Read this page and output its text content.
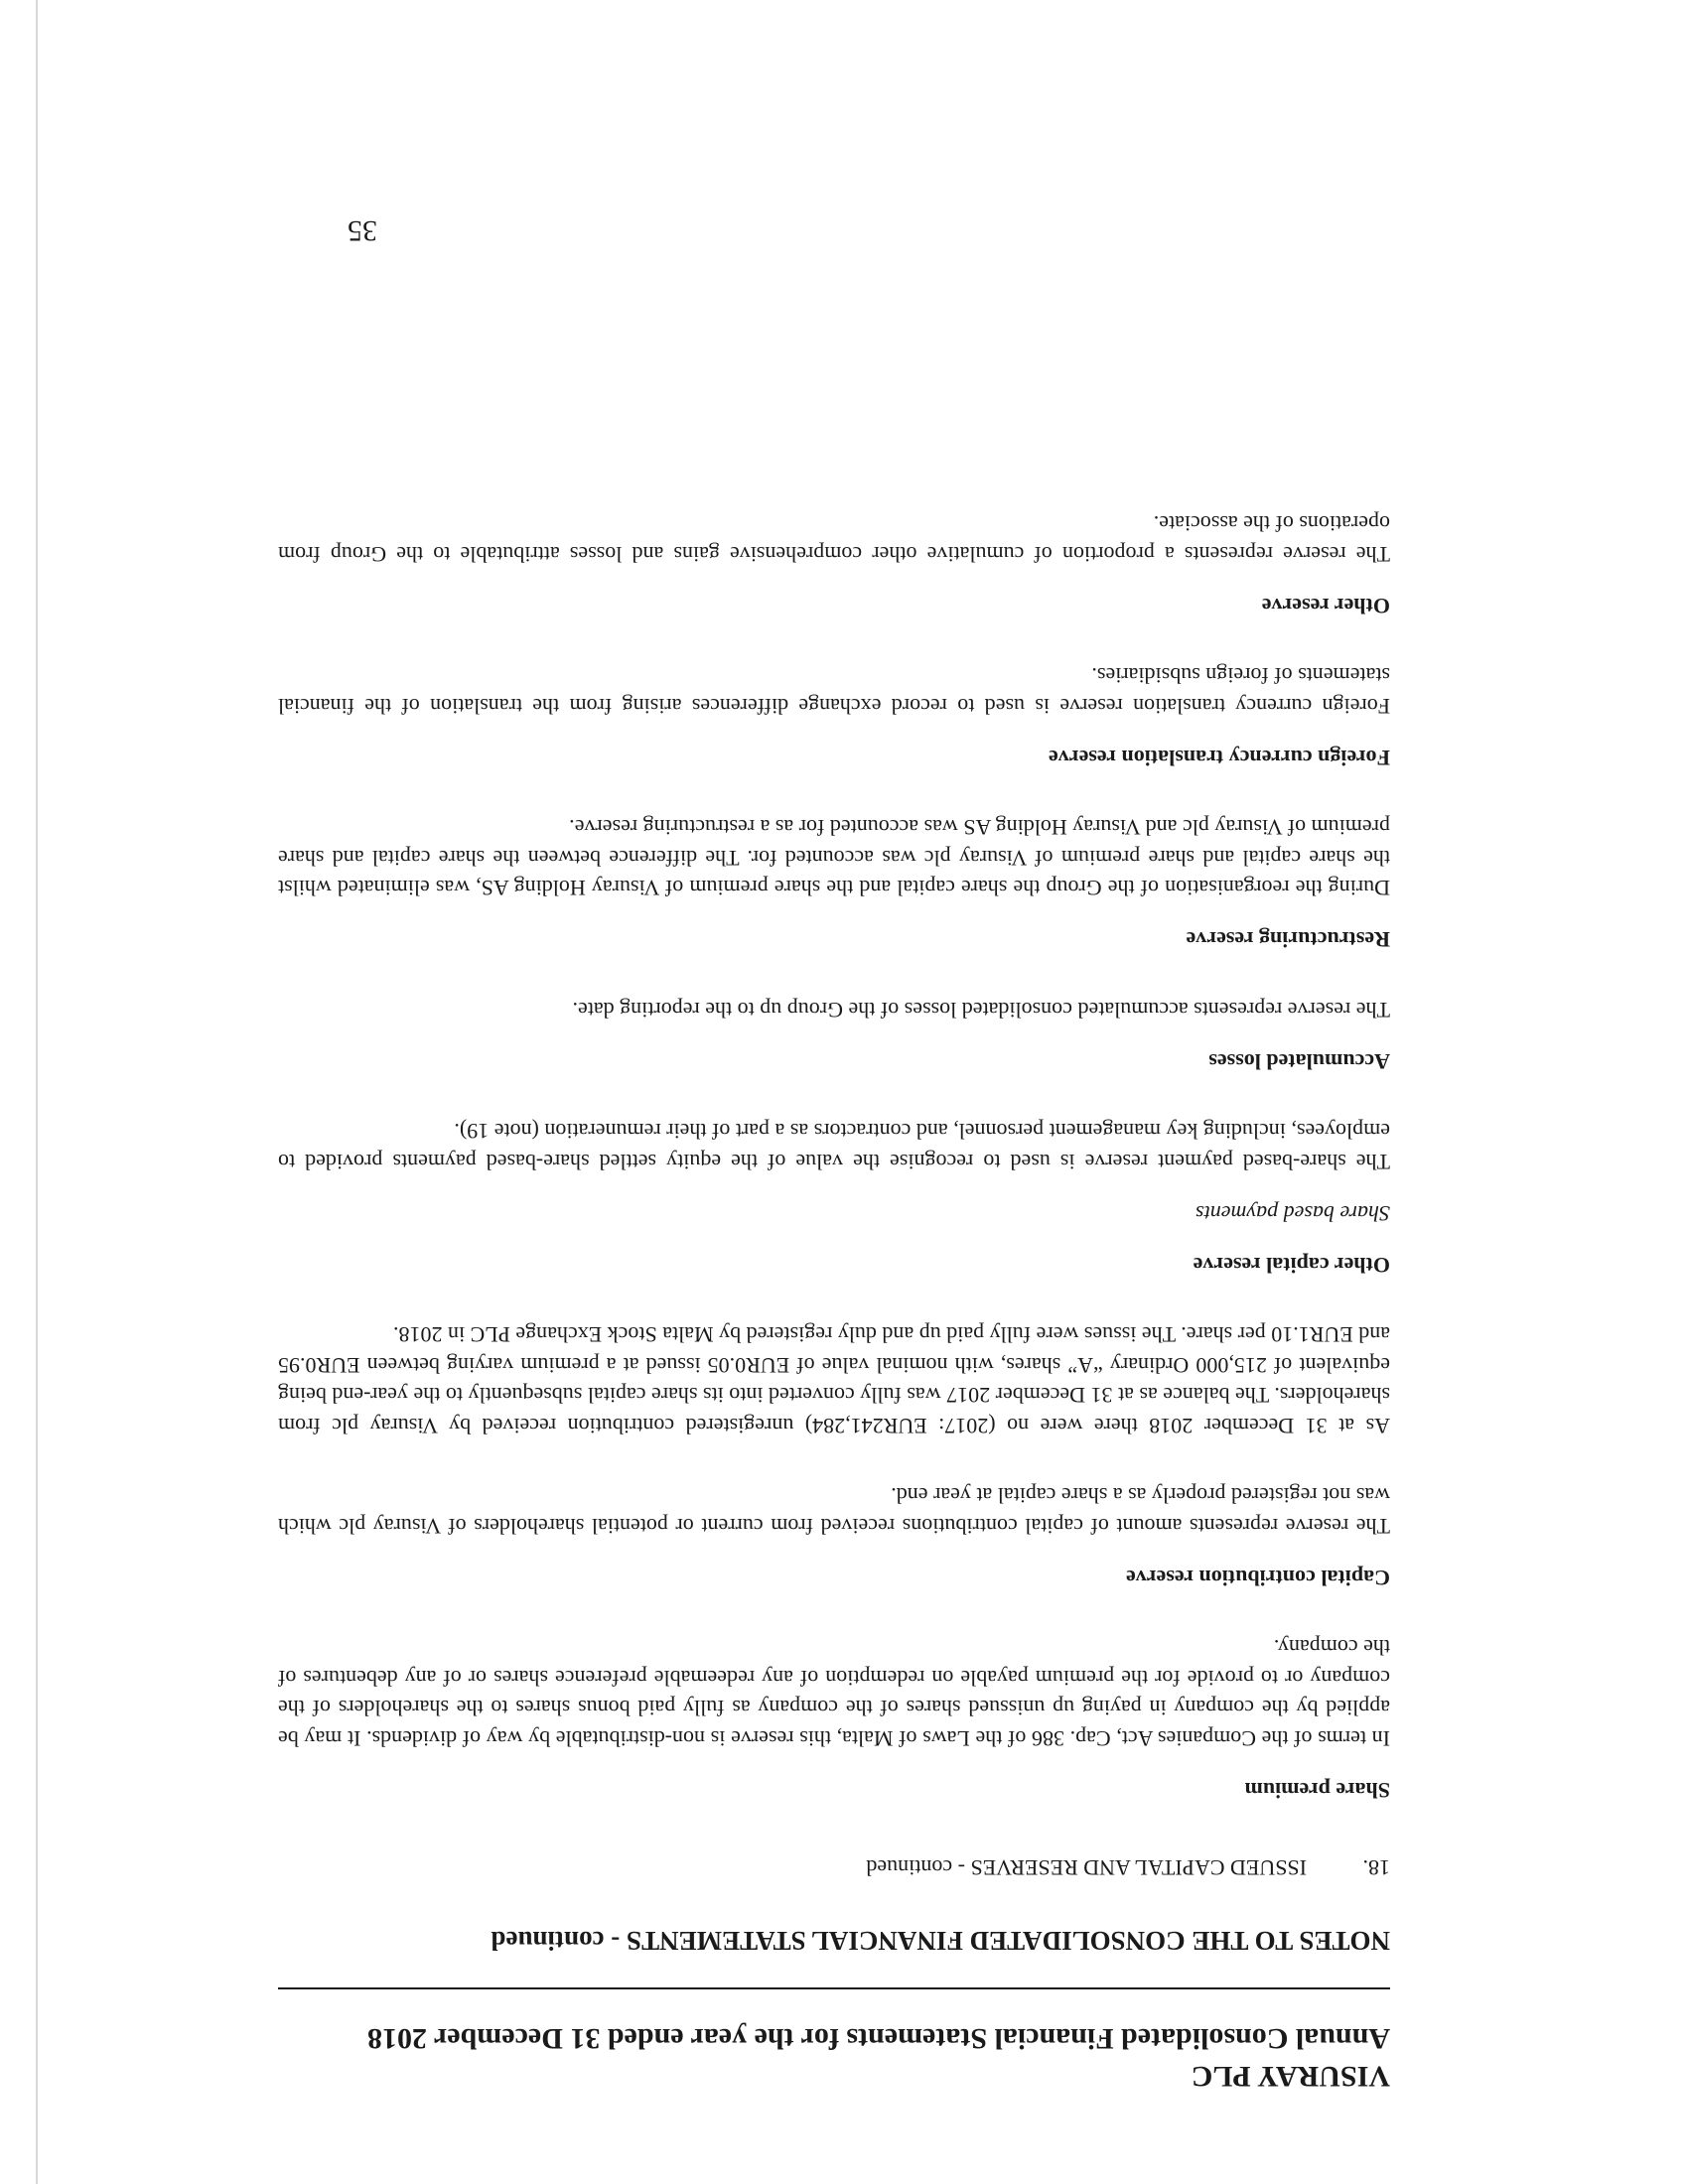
VISURAY PLC

Annual Consolidated Financial Statements for the year ended 31 December 2018

NOTES TO THE CONSOLIDATED FINANCIAL STATEMENTS - continued

18.
ISSUED CAPITAL AND RESERVES - continued

Share premium

In terms of the Companies Act, Cap. 386 of the Laws of Malta, this reserve is non-distributable by way of dividends. It may be applied by the company in paying up unissued shares of the company as fully paid bonus shares to the shareholders of the company or to provide for the premium payable on redemption of any redeemable preference shares or of any debentures of the company.

Capital contribution reserve

The reserve represents amount of capital contributions received from current or potential shareholders of Visuray plc which was not registered properly as a share capital at year end.

As at 31 December 2018 there were no (2017: EUR241,284) unregistered contribution received by Visuray plc from shareholders. The balance as at 31 December 2017 was fully converted into its share capital subsequently to the year-end being equivalent of 215,000 Ordinary “A” shares, with nominal value of EUR0.05 issued at a premium varying between EUR0.95 and EUR1.10 per share. The issues were fully paid up and duly registered by Malta Stock Exchange PLC in 2018.

Other capital reserve

Share based payments

The share-based payment reserve is used to recognise the value of the equity settled share-based payments provided to employees, including key management personnel, and contractors as a part of their remuneration (note 19).

Accumulated losses

The reserve represents accumulated consolidated losses of the Group up to the reporting date.

Restructuring reserve

During the reorganisation of the Group the share capital and the share premium of Visuray Holding AS, was eliminated whilst the share capital and share premium of Visuray plc was accounted for. The difference between the share capital and share premium of Visuray plc and Visuray Holding AS was accounted for as a restructuring reserve.

Foreign currency translation reserve

Foreign currency translation reserve is used to record exchange differences arising from the translation of the financial statements of foreign subsidiaries.

Other reserve

The reserve represents a proportion of cumulative other comprehensive gains and losses attributable to the Group from operations of the associate.

35
